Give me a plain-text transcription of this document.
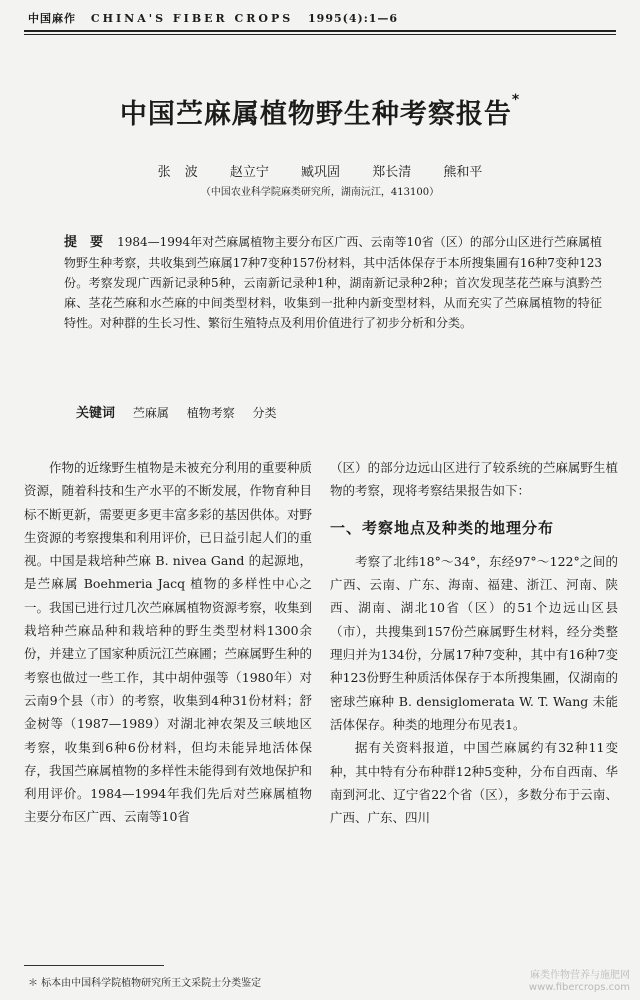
中国麻作 CHINA'S FIBER CROPS 1995(4):1—6
中国苎麻属植物野生种考察报告*
张 波 赵立宁 臧巩固 郑长清 熊和平
（中国农业科学院麻类研究所，湖南沅江，413100）
提　要 1984—1994年对苎麻属植物主要分布区广西、云南等10省（区）的部分山区进行苎麻属植物野生种考察，共收集到苎麻属17种7变种157份材料，其中活体保存于本所搜集圃有16种7变种123份。考察发现广西新记录种5种，云南新记录种1种，湖南新记录种2种；首次发现茎花苎麻与滇黔苎麻、茎花苎麻和水苎麻的中间类型材料，收集到一批种内新变型材料，从而充实了苎麻属植物的特征特性。对种群的生长习性、繁衍生殖特点及利用价值进行了初步分析和分类。
关键词 苎麻属 植物考察 分类

作物的近缘野生植物是未被充分利用的重要种质资源，随着科技和生产水平的不断发展，作物育种目标不断更新，需要更多更丰富多彩的基因供体。对野生资源的考察搜集和利用评价，已日益引起人们的重视。中国是栽培种苎麻 B. nivea Gand 的起源地，是苎麻属 Boehmeria Jacq 植物的多样性中心之一。我国已进行过几次苎麻属植物资源考察，收集到栽培种苎麻品种和栽培种的野生类型材料1300余份，并建立了国家种质沅江苎麻圃；苎麻属野生种的考察也做过一些工作，其中胡仲强等（1980年）对云南9个县（市）的考察，收集到4种31份材料；舒金树等（1987—1989）对湖北神农架及三峡地区考察，收集到6种6份材料，但均未能异地活体保存，我国苎麻属植物的多样性未能得到有效地保护和利用评价。1984—1994年我们先后对苎麻属植物主要分布区广西、云南等10省

（区）的部分边远山区进行了较系统的苎麻属野生植物的考察，现将考察结果报告如下：

一、考察地点及种类的地理分布

考察了北纬18°～34°，东经97°～122°之间的广西、云南、广东、海南、福建、浙江、河南、陕西、湖南、湖北10省（区）的51个边远山区县（市），共搜集到157份苎麻属野生材料，经分类整理归并为134份，分属17种7变种，其中有16种7变种123份野生种质活体保存于本所搜集圃，仅湖南的密球苎麻种 B. densiglomerata W. T. Wang 未能活体保存。种类的地理分布见表1。

据有关资料报道，中国苎麻属约有32种11变种，其中特有分布种群12种5变种，分布自西南、华南到河北、辽宁省22个省（区），多数分布于云南、广西、广东、四川

＊ 标本由中国科学院植物研究所王文采院士分类鉴定
麻类作物营养与施肥网
www.fibercrops.com
